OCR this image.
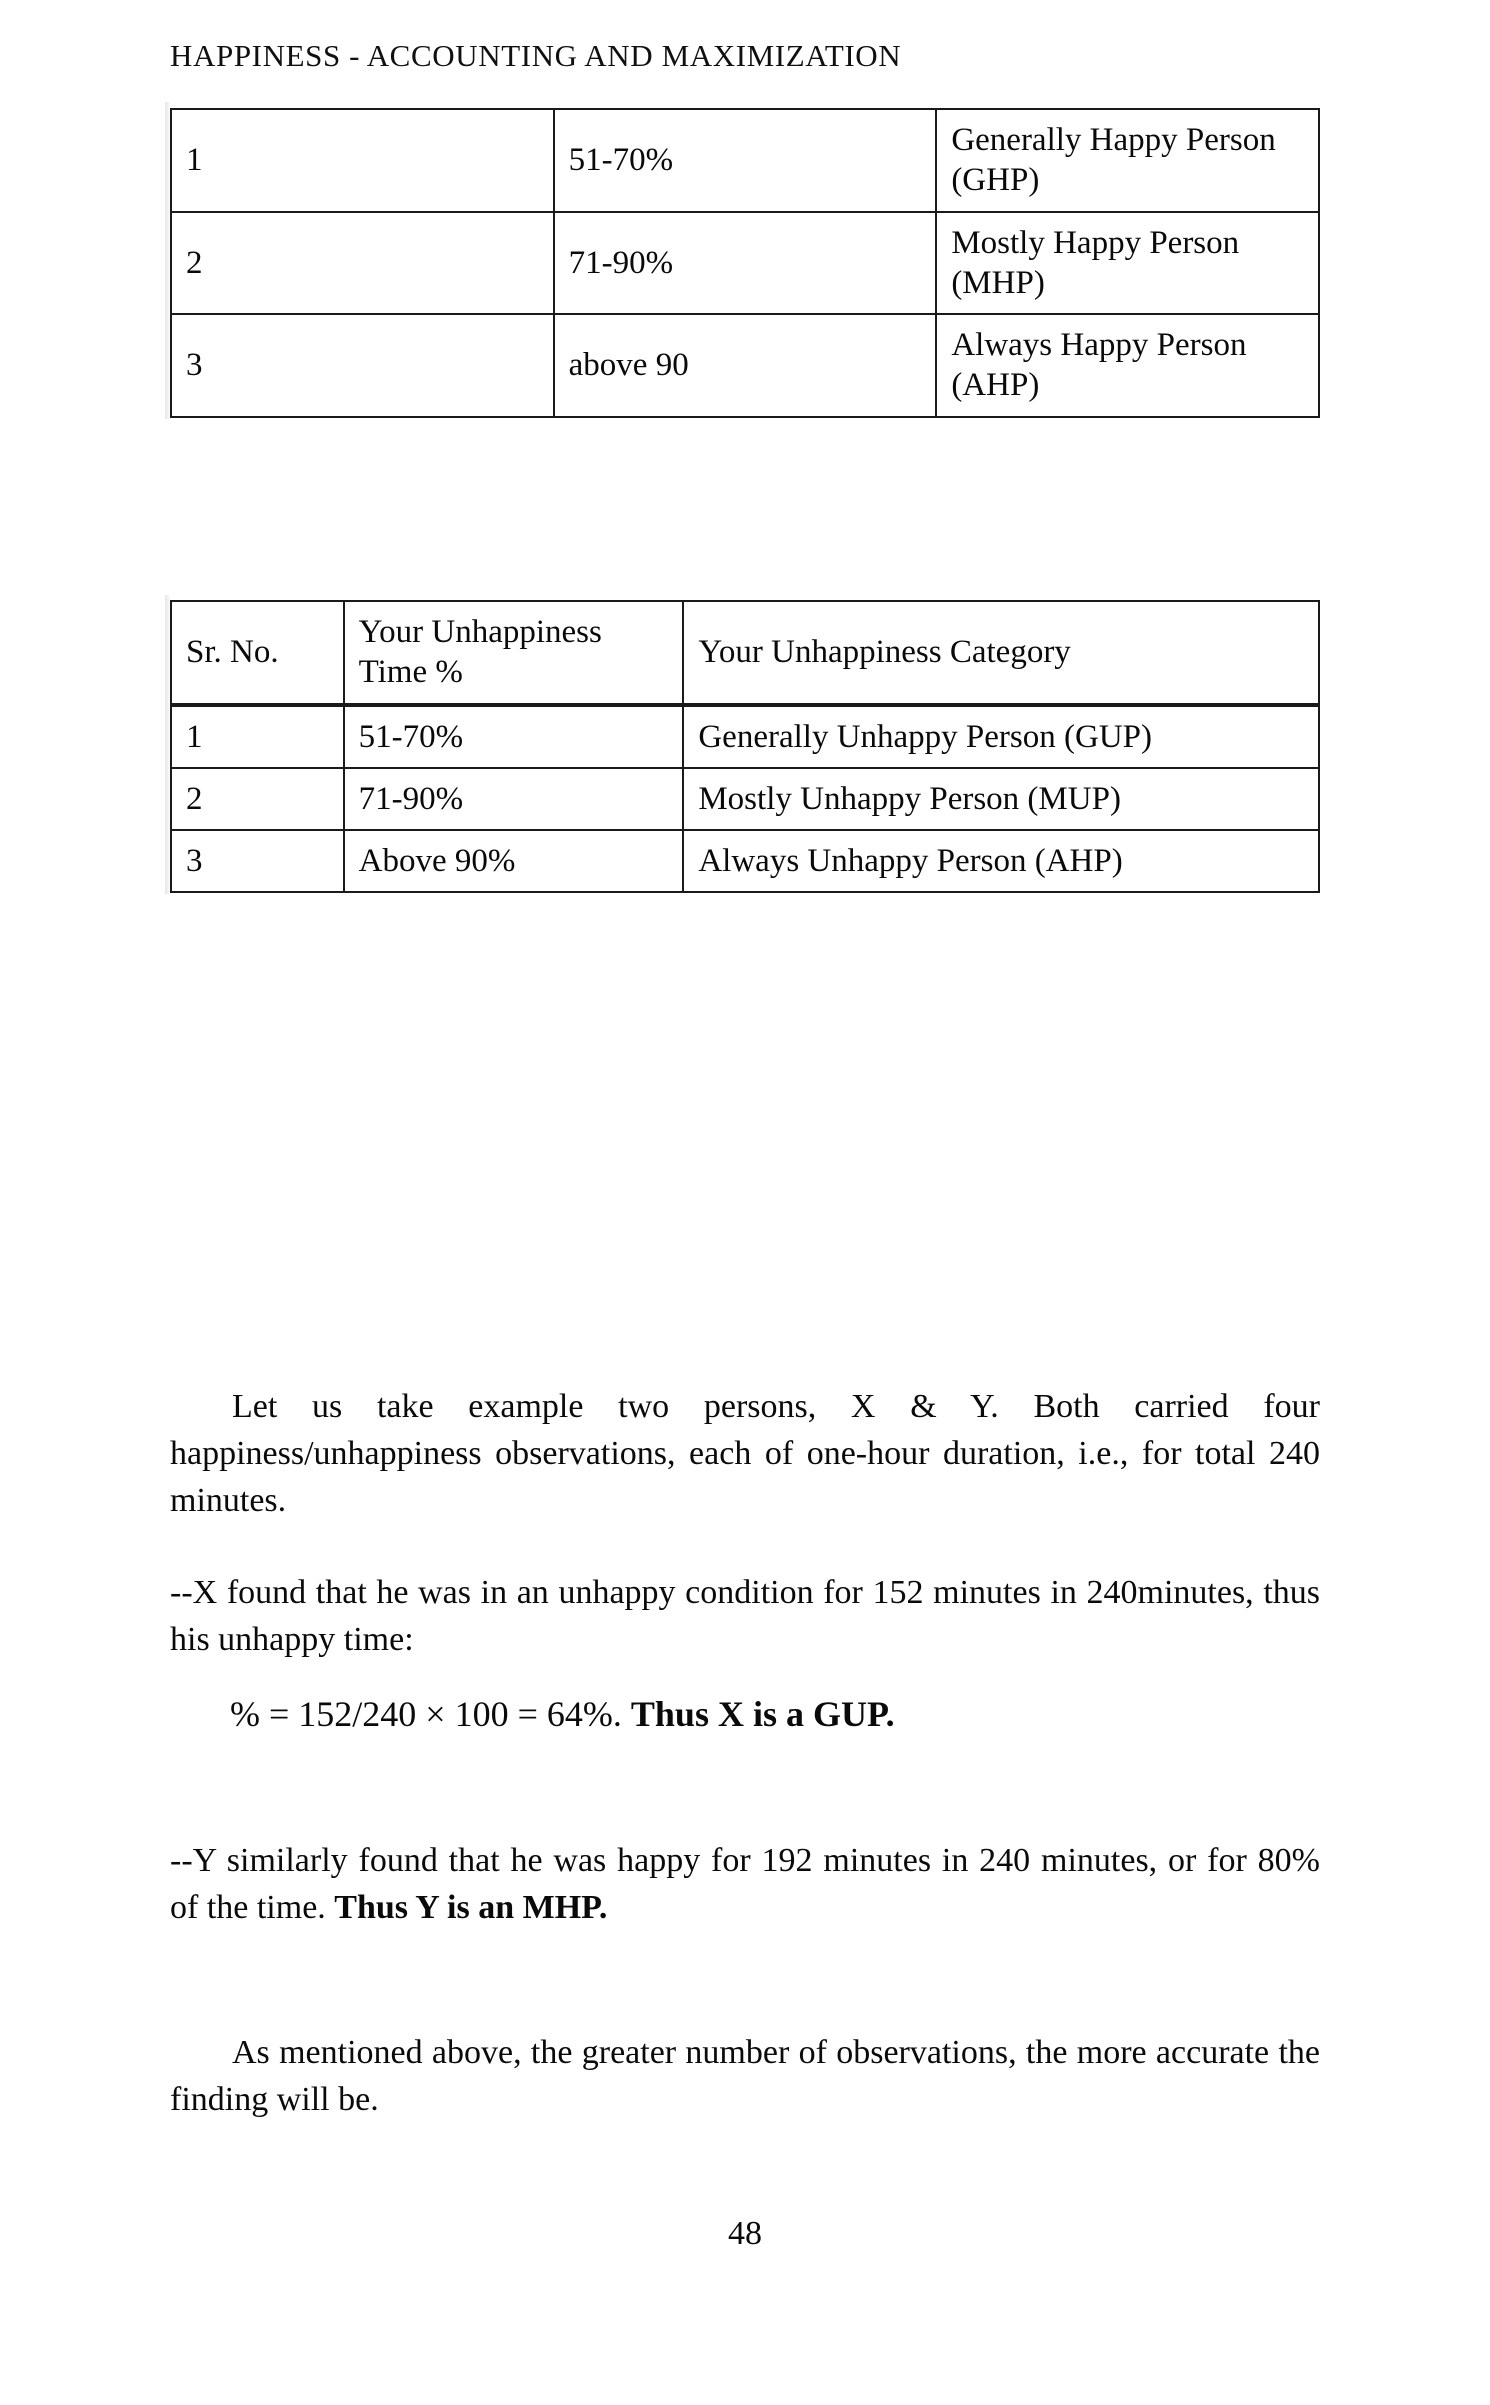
HAPPINESS - ACCOUNTING AND MAXIMIZATION
1	51-70%	Generally Happy Person (GHP)
2	71-90%	Mostly Happy Person (MHP)
3	above 90	Always Happy Person (AHP)
Sr. No.	Your Unhappiness Time %	Your Unhappiness Category
1	51-70%	Generally Unhappy Person (GUP)
2	71-90%	Mostly Unhappy Person (MUP)
3	Above 90%	Always Unhappy Person (AHP)

Let us take example two persons, X & Y. Both carried four happiness/unhappiness observations, each of one-hour duration, i.e., for total 240 minutes.

--X found that he was in an unhappy condition for 152 minutes in 240minutes, thus his unhappy time:

% = 152/240 × 100 = 64%. Thus X is a GUP.
--Y similarly found that he was happy for 192 minutes in 240 minutes, or for 80% of the time. Thus Y is an MHP.
As mentioned above, the greater number of observations, the more accurate the finding will be.
48
